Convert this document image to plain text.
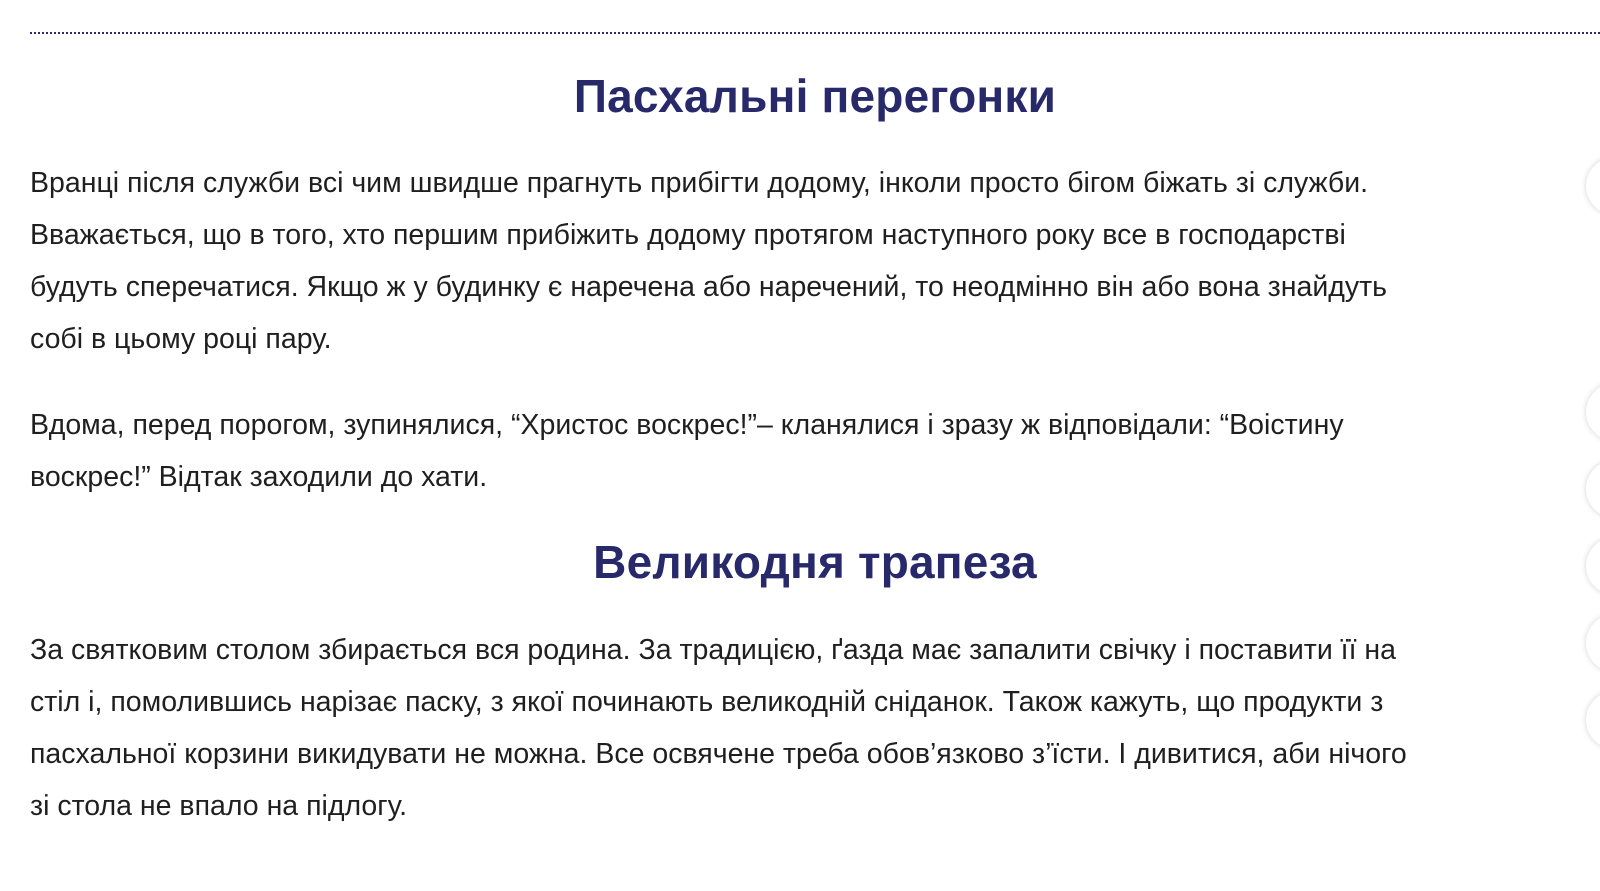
Пасхальні перегонки

Вранці після служби всі чим швидше прагнуть прибігти додому, інколи просто бігом біжать зі служби.
Вважається, що в того, хто першим прибіжить додому протягом наступного року все в господарстві
будуть сперечатися. Якщо ж у будинку є наречена або наречений, то неодмінно він або вона знайдуть
собі в цьому році пару.

Вдома, перед порогом, зупинялися, “Христос воскрес!”– кланялися і зразу ж відповідали: “Воістину
воскрес!” Відтак заходили до хати.

Великодня трапеза

За святковим столом збирається вся родина. За традицією, ґазда має запалити свічку і поставити її на
стіл і, помолившись нарізає паску, з якої починають великодній сніданок. Також кажуть, що продукти з
пасхальної корзини викидувати не можна. Все освячене треба обов’язково з’їсти. І дивитися, аби нічого
зі стола не впало на підлогу.
